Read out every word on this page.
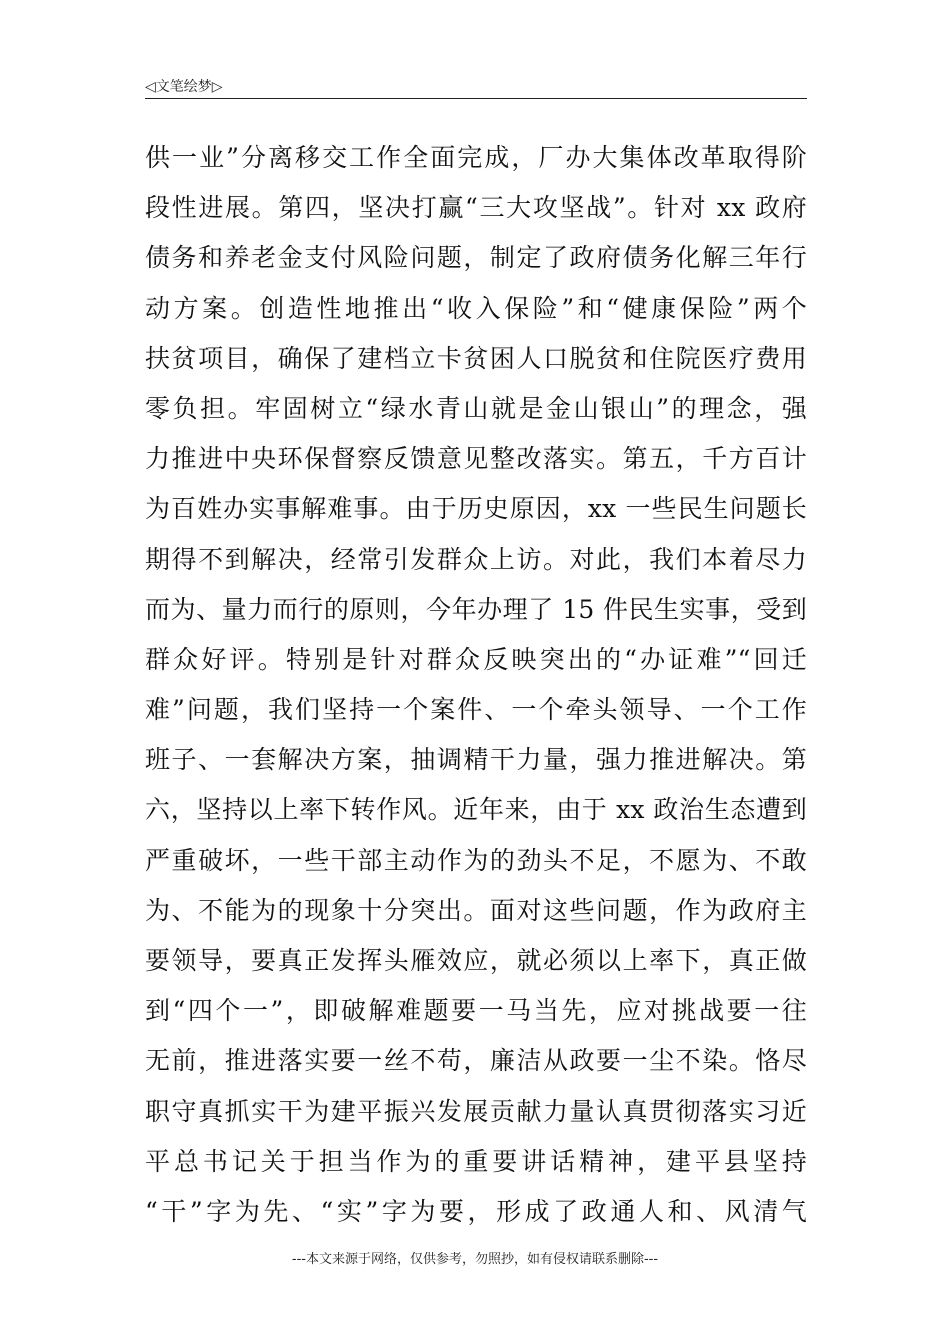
◁文笔绘梦▷
供一业”分离移交工作全面完成，厂办大集体改革取得阶
段性进展。第四，坚决打赢“三大攻坚战”。针对 xx 政府
债务和养老金支付风险问题，制定了政府债务化解三年行
动方案。创造性地推出“收入保险”和“健康保险”两个
扶贫项目，确保了建档立卡贫困人口脱贫和住院医疗费用
零负担。牢固树立“绿水青山就是金山银山”的理念，强
力推进中央环保督察反馈意见整改落实。第五，千方百计
为百姓办实事解难事。由于历史原因，xx 一些民生问题长
期得不到解决，经常引发群众上访。对此，我们本着尽力
而为、量力而行的原则，今年办理了 15 件民生实事，受到
群众好评。特别是针对群众反映突出的“办证难”“回迁
难”问题，我们坚持一个案件、一个牵头领导、一个工作
班子、一套解决方案，抽调精干力量，强力推进解决。第
六，坚持以上率下转作风。近年来，由于 xx 政治生态遭到
严重破坏，一些干部主动作为的劲头不足，不愿为、不敢
为、不能为的现象十分突出。面对这些问题，作为政府主
要领导，要真正发挥头雁效应，就必须以上率下，真正做
到“四个一”，即破解难题要一马当先，应对挑战要一往
无前，推进落实要一丝不苟，廉洁从政要一尘不染。恪尽
职守真抓实干为建平振兴发展贡献力量认真贯彻落实习近
平总书记关于担当作为的重要讲话精神，建平县坚持
“干”字为先、“实”字为要，形成了政通人和、风清气
---本文来源于网络，仅供参考，勿照抄，如有侵权请联系删除---
